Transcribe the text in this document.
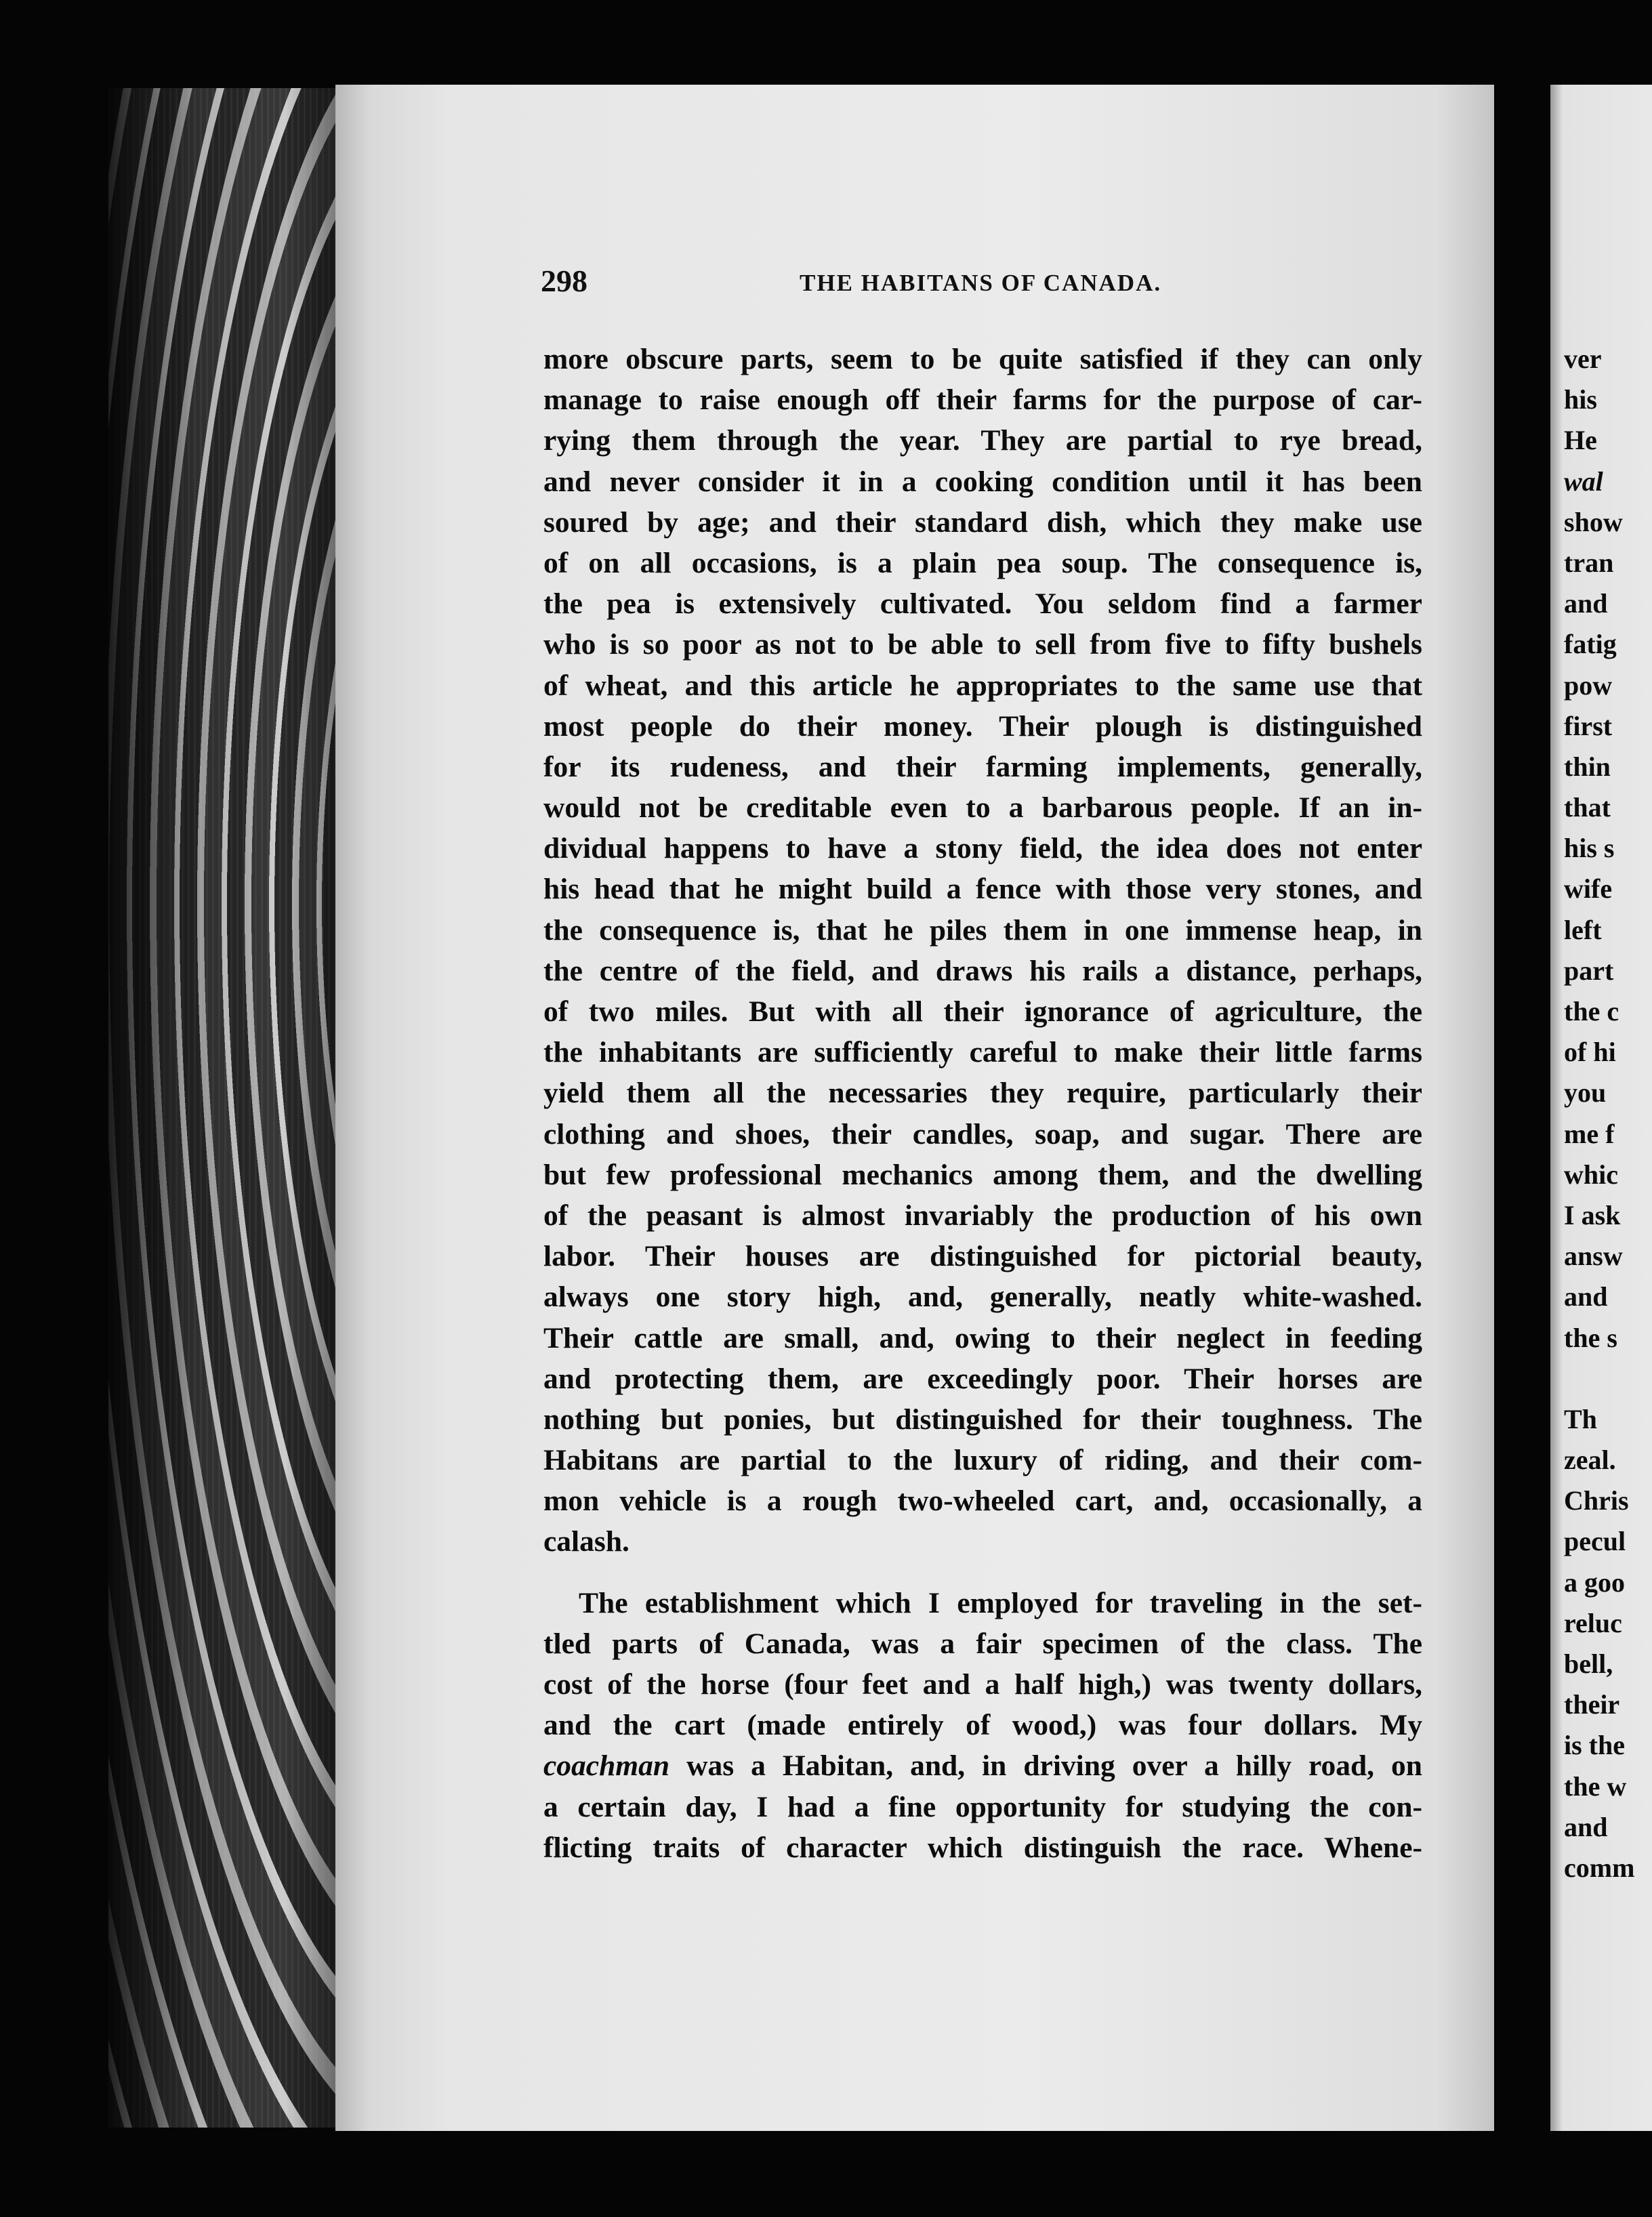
298	THE HABITANS OF CANADA.
more obscure parts, seem to be quite satisfied if they can only
manage to raise enough off their farms for the purpose of car-
rying them through the year. They are partial to rye bread,
and never consider it in a cooking condition until it has been
soured by age; and their standard dish, which they make use
of on all occasions, is a plain pea soup. The consequence is,
the pea is extensively cultivated. You seldom find a farmer
who is so poor as not to be able to sell from five to fifty bushels
of wheat, and this article he appropriates to the same use that
most people do their money. Their plough is distinguished
for its rudeness, and their farming implements, generally,
would not be creditable even to a barbarous people. If an in-
dividual happens to have a stony field, the idea does not enter
his head that he might build a fence with those very stones, and
the consequence is, that he piles them in one immense heap, in
the centre of the field, and draws his rails a distance, perhaps,
of two miles. But with all their ignorance of agriculture, the
the inhabitants are sufficiently careful to make their little farms
yield them all the necessaries they require, particularly their
clothing and shoes, their candles, soap, and sugar. There are
but few professional mechanics among them, and the dwelling
of the peasant is almost invariably the production of his own
labor. Their houses are distinguished for pictorial beauty,
always one story high, and, generally, neatly white-washed.
Their cattle are small, and, owing to their neglect in feeding
and protecting them, are exceedingly poor. Their horses are
nothing but ponies, but distinguished for their toughness. The
Habitans are partial to the luxury of riding, and their com-
mon vehicle is a rough two-wheeled cart, and, occasionally, a
calash.
The establishment which I employed for traveling in the set-
tled parts of Canada, was a fair specimen of the class. The
cost of the horse (four feet and a half high,) was twenty dollars,
and the cart (made entirely of wood,) was four dollars. My
coachman was a Habitan, and, in driving over a hilly road, on
a certain day, I had a fine opportunity for studying the con-
flicting traits of character which distinguish the race. Whene-
ver
his
He
wal
show
tran
and
fatig
pow
first
thin
that
his s
wife
left
part
the c
of hi
you
me f
whic
I ask
answ
and
the s
Th
zeal.
Chris
pecul
a goo
reluc
bell,
their
is the
the w
and
comm
